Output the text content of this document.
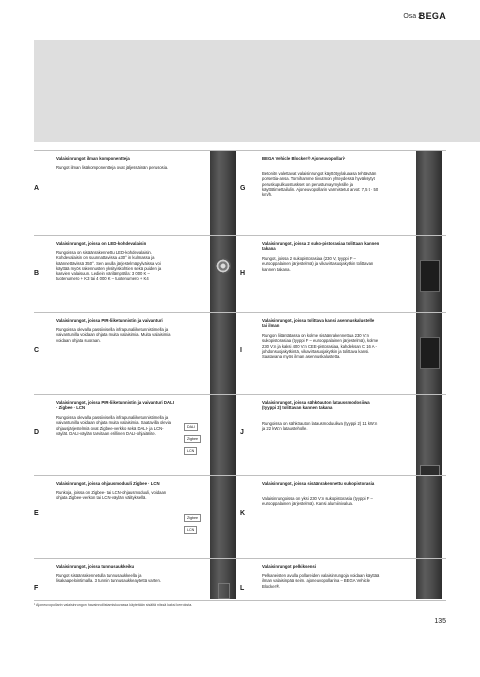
Osa 2
BEGA
A
Valaisinrungot ilman komponentteja
Rungot ilman lisäkomponentteja ovat jäljessäinän perusosia.
G
BEGA Vehicle Blocker® Ajoneuvopollari¹
Betonitn valettavat valaisinrungot käyttötyylaluaasa tehtävään porsettia-ansa. Tornihamme tiivutmon yhteydessä hyväksytyt peruskupulkuostuskset on perusturvayrnyksille ja käyttötimettailulin. Ajoneuvopollarin varmistetut arvot: 7,5 t · 50 km/h.
B
Valaisinrungot, joissa on LED-kohdevalaisin
Rungoissa on sisäänrakennettu LED-kohdevalaisin. Kohdevalaisin on suunnattavissa ±30° in kulmassa ja käännettävissä 350°. Sen avulla järjestelmäpylväissa voi käyttää myös rakennusten yksityiskohtien sekä puiden ja kasvien valaisuun. Lediein värilämpötila: 3 000 K – tuotenumero + K3 tai 4 000 K – tuotenumero + K4
H
Valaisinrungot, joissa 2 suko-pistorasiaa tolittaan kannen takana
Rungot, joissa 2 sukopistorasiaa (230 V, tyyppi F – eurooppalainen järjestelmä) ja vikavirtasuojakytkin tolittavan kannen takana.
C
Valaisinrungot, joissa PIR-liiketunnistin ja vaivanturi
Rungoissa olevalla passiivisella infrapunaliiketunnistimella ja vaivantunilla voidaan ohjata muita valaisimia. Muita valaisimia voidaan ohjata suoraan.
I
Valaisinrungot, joissa tolittava kansi asennuskalustelle tai ilman
Rungon liitäntätassa on kolme sisäänrakennettua 230 V:n sukopistorasiaa (tyyppi F – eurooppalainen järjestelmä), kolme 230 V:n ja kaksi 400 V:n CEE-pistorasiaa, kahdeksan C 16 A -johdonsuojakytkintä, vikavirtasuojakytkin ja tolittava kansi. Saatavana myös ilman asennuskalustetta.
D
Valaisinrungot, joissa PIR-liiketunnistin ja vaivanturi DALI · Zigbee · LCN
Rungoissa olevalla passiivisella infrapunaliiketunnistimella ja vaivantunilla voidaan ohjata muita valaisimia. Saatavilla olevia ohjausjärjestelmiä ovat Zigbee-verkko sekä DALI- ja LCN-väylät. DALI-väylän tarvitaan erillinen DALI-ohjaiäriite.
DALI
Zigbee
LCN
J
Valaisinrungot, joissa sähköauton lataussmodosiiwa (tyyppi 2) tolittavan kannen takana
Rungoissa on sähköauton latausmoduuliwa (tyyppi 2) 11 kW:n ja 22 kW:n latausteholle.
E
Valaisinrungot, joissa ohjausmoduuli Zigbee · LCN
Runkoja, joissa on Zigbee- tai LCN-ohjausmoduuli, voidaan ohjata Zigbee-verkon tai LCN-väylän välityksellä.
Zigbee
LCN
K
Valaisinrungot, joissa sisäänrakennettu sukopistorasia
Valaisinrungoissa on yksi 230 V:n sukopistorasia (tyyppi F – eurooppalainen järjestelmä). Kansi alumiinivalua.
F
Valaisinrungot, joissa tunnusaukkeiku
Rungot sisäänrakennetulla tunnusaukkeella ja lisakaapelointimalla. 3 tunnin tunnusaukkeaytettä varten.
L
Valaisinrungot pelkiksensi
Pelkaneisten avulla pollareiden valaisinrungoja voidaan käyttää ilman valaisinpää seim. ajoneuvopollarina – BEGA Vehicle Blocker®.
¹ Ajoneuvopollarin valaisinrungon havainnollistamiskuvassa käytetään sisältä niissä kaksi kerroksta.
135
